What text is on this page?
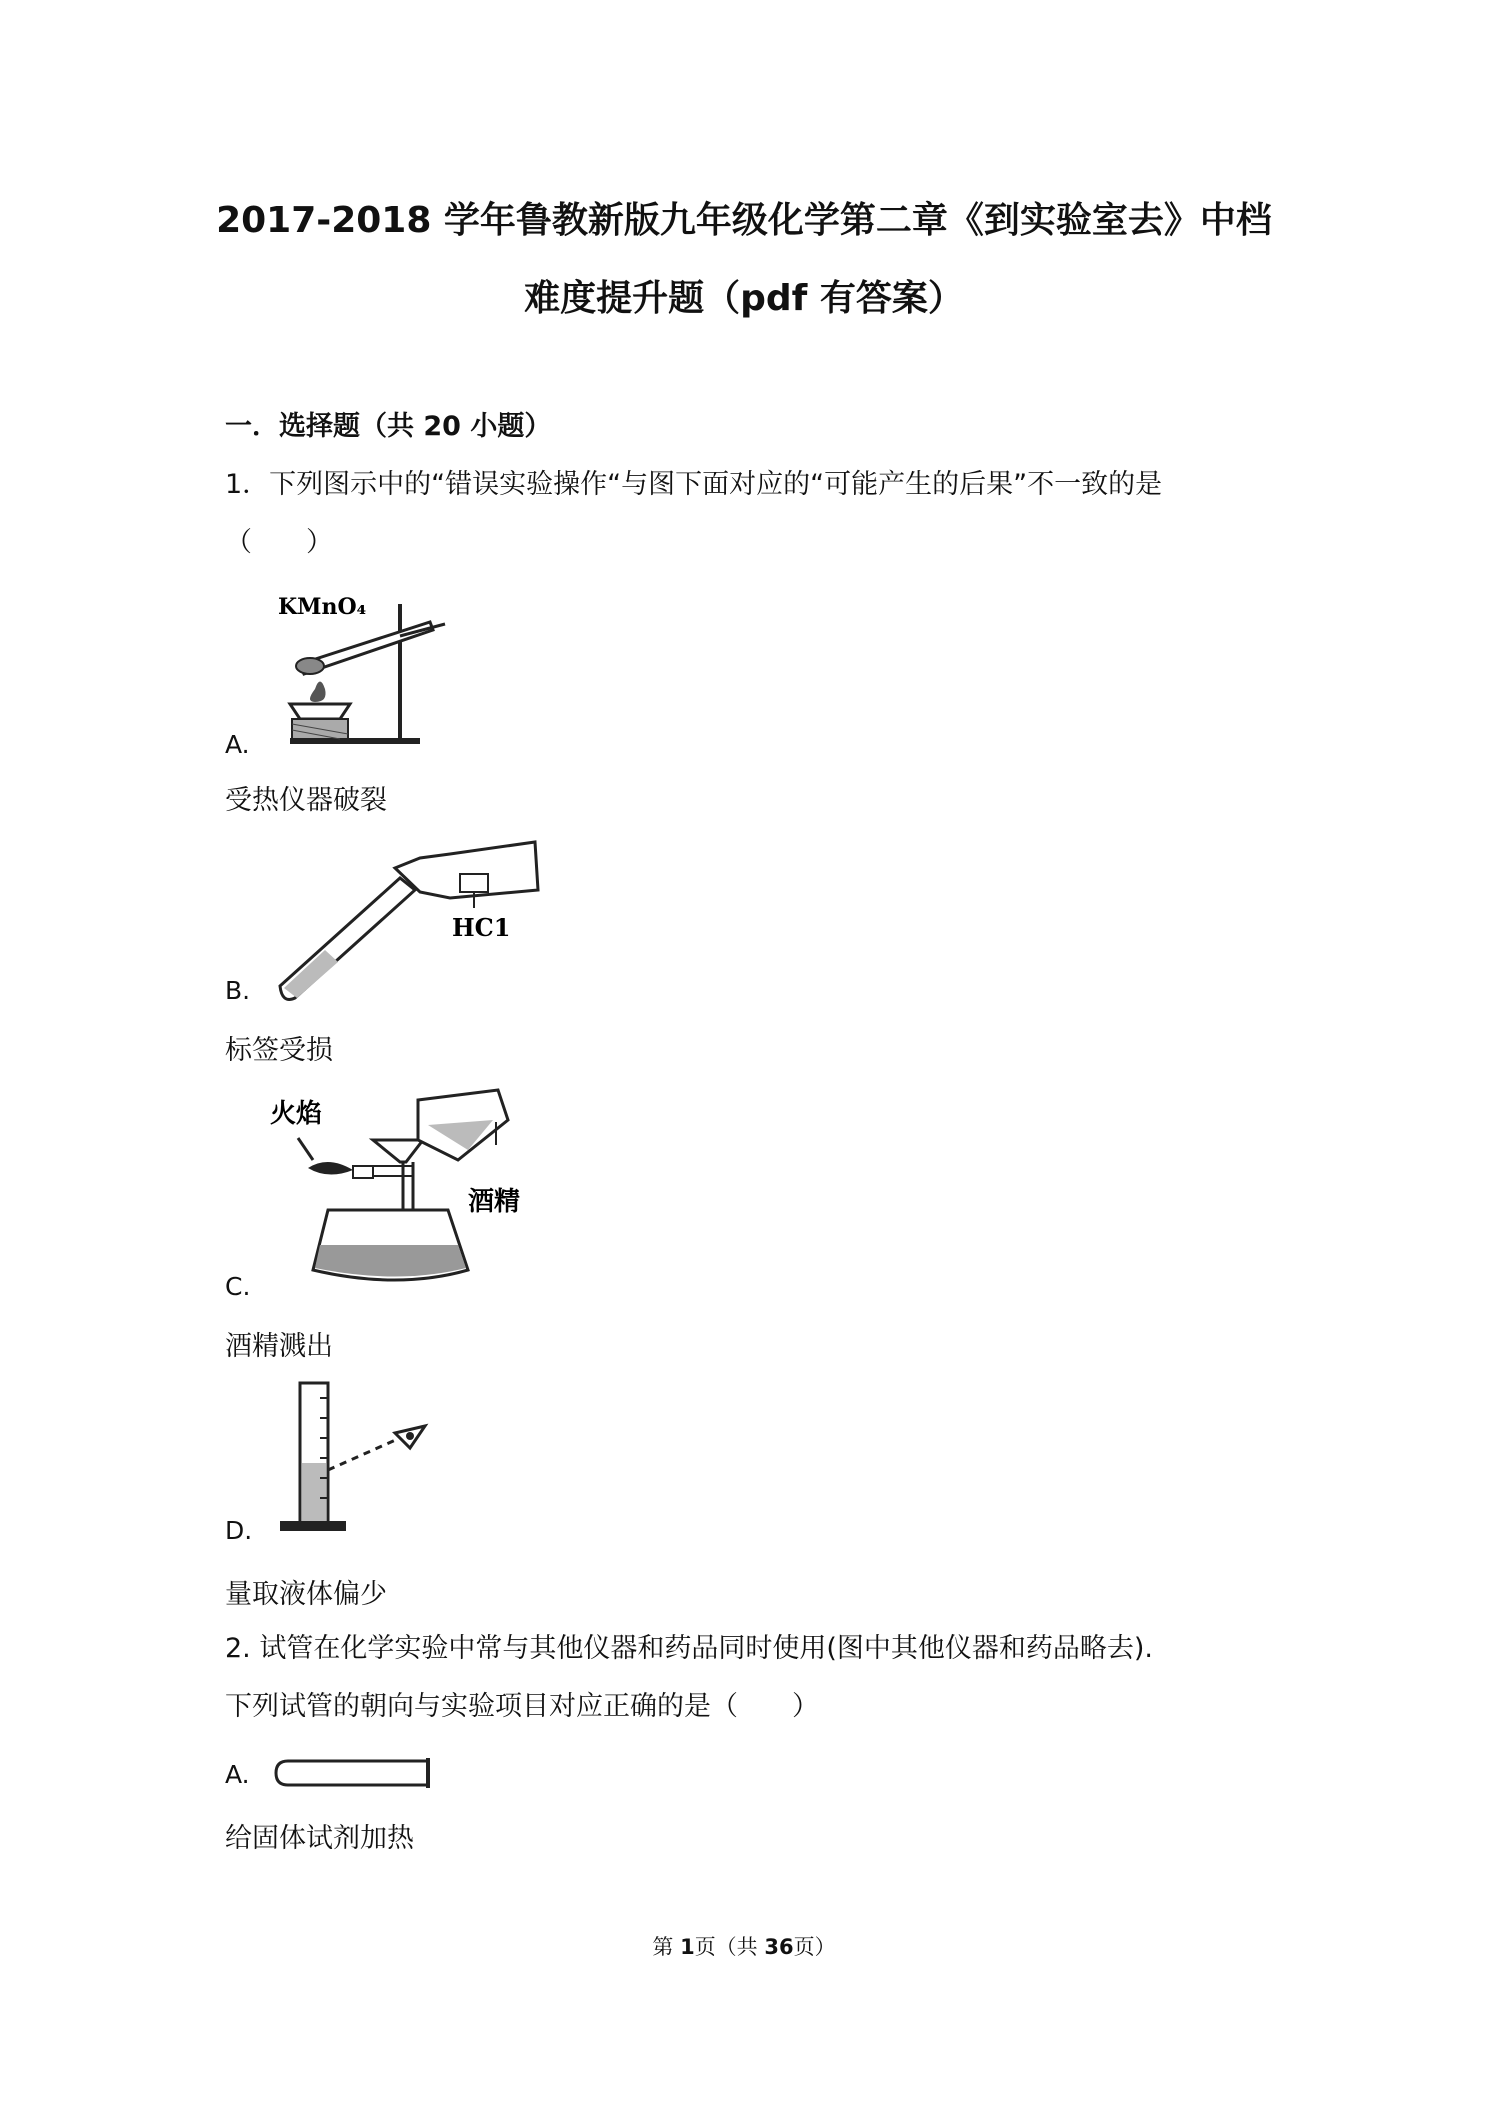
2017-2018 学年鲁教新版九年级化学第二章《到实验室去》中档
难度提升题（pdf 有答案）
一．选择题（共 20 小题）
1．下列图示中的“错误实验操作“与图下面对应的“可能产生的后果”不一致的是
（　　）
KMnO₄
A.
受热仪器破裂
HC1
B.
标签受损
火焰
酒精
C.
酒精溅出
D.
量取液体偏少
2. 试管在化学实验中常与其他仪器和药品同时使用(图中其他仪器和药品略去).
下列试管的朝向与实验项目对应正确的是（　　）
A.
给固体试剂加热
第 1页（共 36页）
